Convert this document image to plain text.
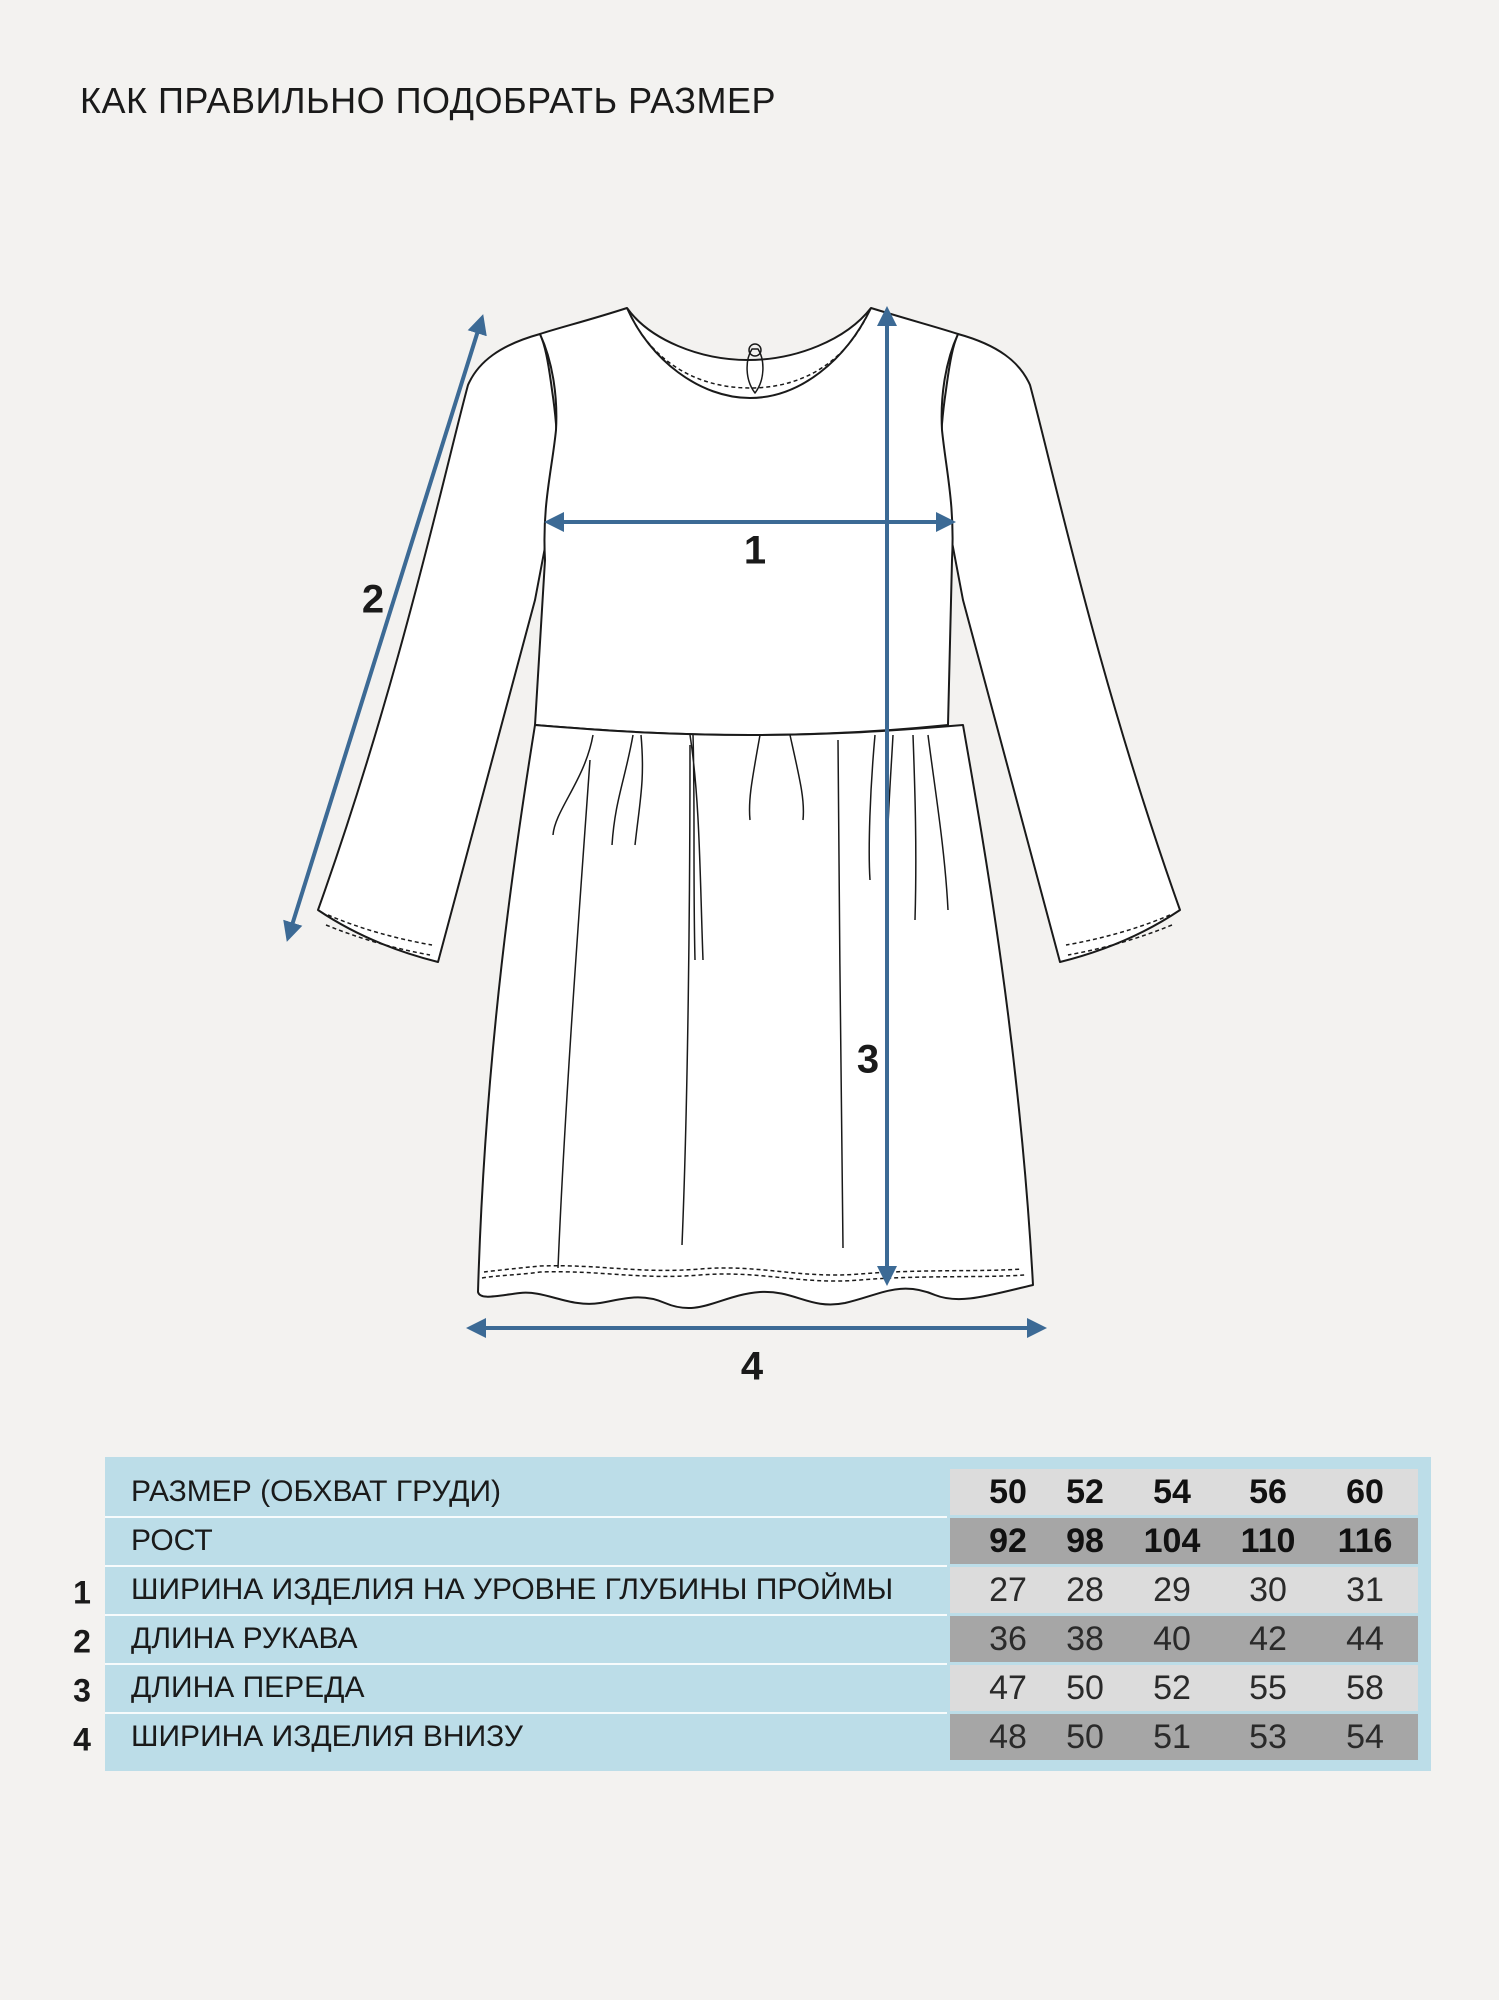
КАК ПРАВИЛЬНО ПОДОБРАТЬ РАЗМЕР
1
2
3
4
РАЗМЕР (ОБХВАТ ГРУДИ)	50 52 54 56 60
РОСТ	92 98 104 110 116
ШИРИНА ИЗДЕЛИЯ НА УРОВНЕ ГЛУБИНЫ ПРОЙМЫ	27 28 29 30 31
ДЛИНА РУКАВА	36 38 40 42 44
ДЛИНА ПЕРЕДА	47 50 52 55 58
ШИРИНА ИЗДЕЛИЯ ВНИЗУ	48 50 51 53 54
1
2
3
4
